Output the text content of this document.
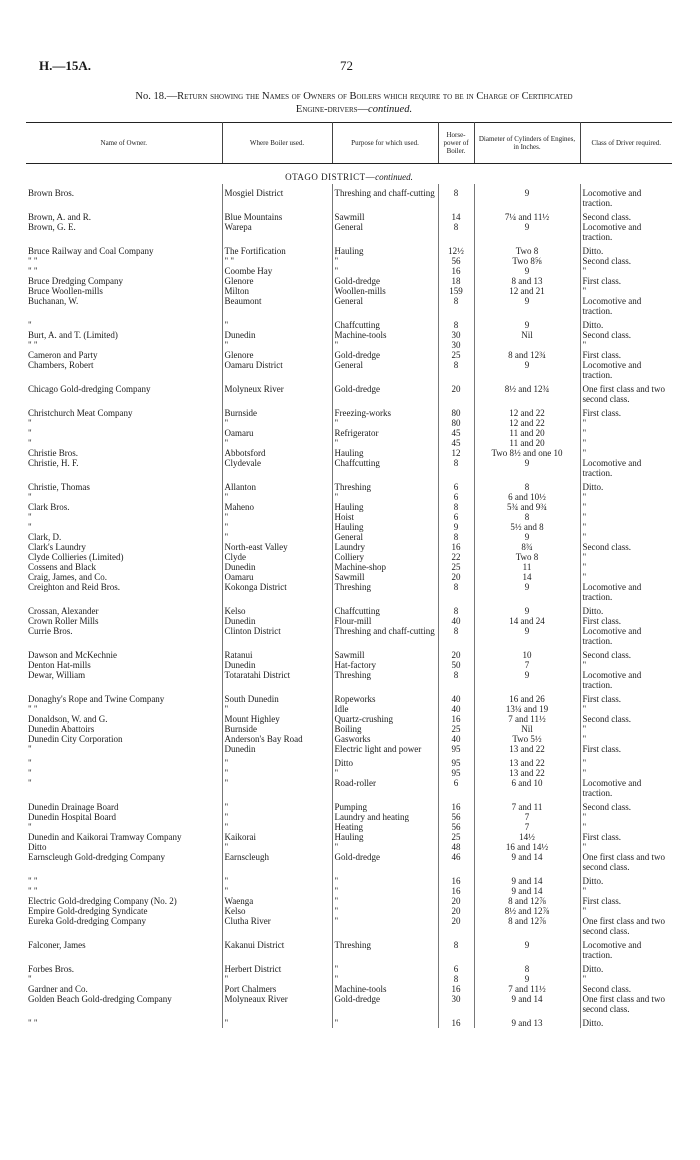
H.—15A.	72
No. 18.—Return showing the Names of Owners of Boilers which require to be in Charge of Certificated
Engine-drivers—continued.
Name of Owner.	Where Boiler used.	Purpose for which used.	Horse-power of Boiler.	Diameter of Cylinders of Engines, in Inches.	Class of Driver required.
OTAGO DISTRICT—continued.					
Brown Bros.	Mosgiel District	Threshing and chaff-cutting	8	9	Locomotive and traction.
Brown, A. and R.	Blue Mountains	Sawmill	14	7¼ and 11½	Second class.
Brown, G. E.	Warepa	General	8	9	Locomotive and traction.
Bruce Railway and Coal Company	The Fortification	Hauling	12½	Two 8	Ditto.
" "	" "	"	56	Two 8⅝	Second class.
" "	Coombe Hay	"	16	9	"
Bruce Dredging Company	Glenore	Gold-dredge	18	8 and 13	First class.
Bruce Woollen-mills	Milton	Woollen-mills	159	12 and 21	"
Buchanan, W.	Beaumont	General	8	9	Locomotive and traction.
"	"	Chaffcutting	8	9	Ditto.
Burt, A. and T. (Limited)	Dunedin	Machine-tools	30	Nil	Second class.
" "	"	"	30		"
Cameron and Party	Glenore	Gold-dredge	25	8 and 12¾	First class.
Chambers, Robert	Oamaru District	General	8	9	Locomotive and traction.
Chicago Gold-dredging Company	Molyneux River	Gold-dredge	20	8½ and 12¾	One first class and two second class.
Christchurch Meat Company	Burnside	Freezing-works	80	12 and 22	First class.
"	"	"	80	12 and 22	"
"	Oamaru	Refrigerator	45	11 and 20	"
"	"	"	45	11 and 20	"
Christie Bros.	Abbotsford	Hauling	12	Two 8½ and one 10	"
Christie, H. F.	Clydevale	Chaffcutting	8	9	Locomotive and traction.
Christie, Thomas	Allanton	Threshing	6	8	Ditto.
"	"	"	6	6 and 10½	"
Clark Bros.	Maheno	Hauling	8	5¾ and 9¾	"
"	"	Hoist	6	8	"
"	"	Hauling	9	5½ and 8	"
Clark, D.	"	General	8	9	"
Clark's Laundry	North-east Valley	Laundry	16	8¾	Second class.
Clyde Collieries (Limited)	Clyde	Colliery	22	Two 8	"
Cossens and Black	Dunedin	Machine-shop	25	11	"
Craig, James, and Co.	Oamaru	Sawmill	20	14	"
Creighton and Reid Bros.	Kokonga District	Threshing	8	9	Locomotive and traction.
Crossan, Alexander	Kelso	Chaffcutting	8	9	Ditto.
Crown Roller Mills	Dunedin	Flour-mill	40	14 and 24	First class.
Currie Bros.	Clinton District	Threshing and chaff-cutting	8	9	Locomotive and traction.
Dawson and McKechnie	Ratanui	Sawmill	20	10	Second class.
Denton Hat-mills	Dunedin	Hat-factory	50	7	"
Dewar, William	Totaratahi District	Threshing	8	9	Locomotive and traction.
Donaghy's Rope and Twine Company	South Dunedin	Ropeworks	40	16 and 26	First class.
" "	"	Idle	40	13¼ and 19	"
Donaldson, W. and G.	Mount Highley	Quartz-crushing	16	7 and 11½	Second class.
Dunedin Abattoirs	Burnside	Boiling	25	Nil	"
Dunedin City Corporation	Anderson's Bay Road	Gasworks	40	Two 5½	"
"	Dunedin	Electric light and power	95	13 and 22	First class.
"	"	Ditto	95	13 and 22	"
"	"	"	95	13 and 22	"
"	"	Road-roller	6	6 and 10	Locomotive and traction.
Dunedin Drainage Board	"	Pumping	16	7 and 11	Second class.
Dunedin Hospital Board	"	Laundry and heating	56	7	"
"	"	Heating	56	7	"
Dunedin and Kaikorai Tramway Company	Kaikorai	Hauling	25	14½	First class.
Ditto	"	"	48	16 and 14½	"
Earnscleugh Gold-dredging Company	Earnscleugh	Gold-dredge	46	9 and 14	One first class and two second class.
" "	"	"	16	9 and 14	Ditto.
" "	"	"	16	9 and 14	"
Electric Gold-dredging Company (No. 2)	Waenga	"	20	8 and 12⅞	First class.
Empire Gold-dredging Syndicate	Kelso	"	20	8½ and 12⅞	"
Eureka Gold-dredging Company	Clutha River	"	20	8 and 12⅞	One first class and two second class.
Falconer, James	Kakanui District	Threshing	8	9	Locomotive and traction.
Forbes Bros.	Herbert District	"	6	8	Ditto.
"	"	"	8	9	"
Gardner and Co.	Port Chalmers	Machine-tools	16	7 and 11½	Second class.
Golden Beach Gold-dredging Company	Molyneaux River	Gold-dredge	30	9 and 14	One first class and two second class.
" "	"	"	16	9 and 13	Ditto.
